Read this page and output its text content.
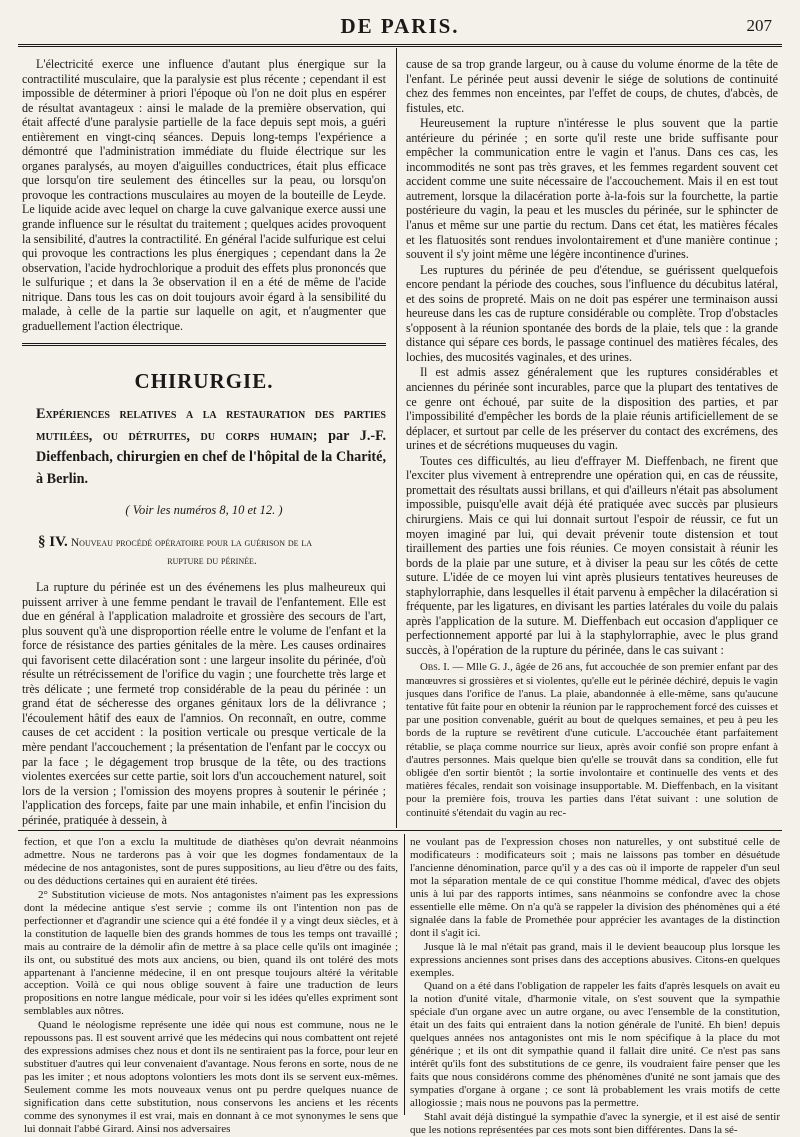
DE PARIS.	207

L'électricité exerce une influence d'autant plus énergique sur la contractilité musculaire, que la paralysie est plus récente ; cependant il est impossible de déterminer à priori l'époque où l'on ne doit plus en espérer de résultat avantageux : ainsi le malade de la première observation, qui était affecté d'une paralysie partielle de la face depuis sept mois, a guéri entièrement en vingt-cinq séances. Depuis long-temps l'expérience a démontré que l'administration immédiate du fluide électrique sur les organes paralysés, au moyen d'aiguilles conductrices, était plus efficace que lorsqu'on tire seulement des étincelles sur la peau, ou lorsqu'on provoque les contractions musculaires au moyen de la bouteille de Leyde. Le liquide acide avec lequel on charge la cuve galvanique exerce aussi une grande influence sur le résultat du traitement ; quelques acides provoquent la sensibilité, d'autres la contractilité. En général l'acide sulfurique est celui qui provoque les contractions les plus énergiques ; cependant dans la 2e observation, l'acide hydrochlorique a produit des effets plus prononcés que le sulfurique ; et dans la 3e observation il en a été de même de l'acide nitrique. Dans tous les cas on doit toujours avoir égard à la sensibilité du malade, à celle de la partie sur laquelle on agit, et n'augmenter que graduellement l'action électrique.

CHIRURGIE.
Expériences relatives a la restauration des parties mutilées, ou détruites, du corps humain; par J.-F. Dieffenbach, chirurgien en chef de l'hôpital de la Charité, à Berlin.
( Voir les numéros 8, 10 et 12. )
§ IV. Nouveau procédé opératoire pour la guérison de la
rupture du périnée.

La rupture du périnée est un des événemens les plus malheureux qui puissent arriver à une femme pendant le travail de l'enfantement. Elle est due en général à l'application maladroite et grossière des secours de l'art, plus souvent qu'à une disproportion réelle entre le volume de l'enfant et la force de résistance des parties génitales de la mère. Les causes ordinaires qui favorisent cette dilacération sont : une largeur insolite du périnée, d'où résulte un rétrécissement de l'orifice du vagin ; une fourchette très large et très délicate ; une fermeté trop considérable de la peau du périnée : un grand état de sécheresse des organes génitaux lors de la délivrance ; l'écoulement hâtif des eaux de l'amnios. On reconnaît, en outre, comme causes de cet accident : la position verticale ou presque verticale de la mère pendant l'accouchement ; la présentation de l'enfant par le coccyx ou par la face ; le dégagement trop brusque de la tête, ou des tractions violentes exercées sur cette partie, soit lors d'un accouchement naturel, soit lors de la version ; l'omission des moyens propres à soutenir le périnée ; l'application des forceps, faite par une main inhabile, et enfin l'incision du périnée, pratiquée à dessein, à

cause de sa trop grande largeur, ou à cause du volume énorme de la tête de l'enfant. Le périnée peut aussi devenir le siége de solutions de continuité chez des femmes non enceintes, par l'effet de coups, de chutes, d'abcès, de fistules, etc.

Heureusement la rupture n'intéresse le plus souvent que la partie antérieure du périnée ; en sorte qu'il reste une bride suffisante pour empêcher la communication entre le vagin et l'anus. Dans ces cas, les incommodités ne sont pas très graves, et les femmes regardent souvent cet accident comme une suite nécessaire de l'accouchement. Mais il en est tout autrement, lorsque la dilacération porte à-la-fois sur la fourchette, la partie postérieure du vagin, la peau et les muscles du périnée, sur le sphincter de l'anus et même sur une partie du rectum. Dans cet état, les matières fécales et les flatuosités sont rendues involontairement et d'une manière continue ; souvent il s'y joint même une légère incontinence d'urines.

Les ruptures du périnée de peu d'étendue, se guérissent quelquefois encore pendant la période des couches, sous l'influence du décubitus latéral, et des soins de propreté. Mais on ne doit pas espérer une terminaison aussi heureuse dans les cas de rupture considérable ou complète. Trop d'obstacles s'opposent à la réunion spontanée des bords de la plaie, tels que : la grande distance qui sépare ces bords, le passage continuel des matières fécales, des lochies, des mucosités vaginales, et des urines.

Il est admis assez généralement que les ruptures considérables et anciennes du périnée sont incurables, parce que la plupart des tentatives de ce genre ont échoué, par suite de la disposition des parties, et par l'impossibilité d'empêcher les bords de la plaie réunis artificiellement de se déplacer, et surtout par celle de les préserver du contact des excrémens, des urines et de sécrétions muqueuses du vagin.

Toutes ces difficultés, au lieu d'effrayer M. Dieffenbach, ne firent que l'exciter plus vivement à entreprendre une opération qui, en cas de réussite, promettait des résultats aussi brillans, et qui d'ailleurs n'était pas absolument impossible, puisqu'elle avait déjà été pratiquée avec succès par plusieurs chirurgiens. Mais ce qui lui donnait surtout l'espoir de réussir, ce fut un moyen imaginé par lui, qui devait prévenir toute distension et tout tiraillement des parties une fois réunies. Ce moyen consistait à réunir les bords de la plaie par une suture, et à diviser la peau sur les côtés de cette suture. L'idée de ce moyen lui vint après plusieurs tentatives heureuses de staphylorraphie, dans lesquelles il était parvenu à empêcher la dilacération si fréquente, par les ligatures, en divisant les parties latérales du voile du palais après l'application de la suture. M. Dieffenbach eut occasion d'appliquer ce perfectionnement apporté par lui à la staphylorraphie, avec le plus grand succès, à l'opération de la rupture du périnée, dans le cas suivant :

Obs. I. — Mlle G. J., âgée de 26 ans, fut accouchée de son premier enfant par des manœuvres si grossières et si violentes, qu'elle eut le périnée déchiré, depuis le vagin jusques dans l'orifice de l'anus. La plaie, abandonnée à elle-même, sans qu'aucune tentative fût faite pour en obtenir la réunion par le rapprochement forcé des cuisses et par une position convenable, guérit au bout de quelques semaines, et peu à peu les bords de la rupture se revêtirent d'une cuticule. L'accouchée étant parfaitement rétablie, se plaça comme nourrice sur lieux, après avoir confié son propre enfant à d'autres personnes. Mais quelque bien qu'elle se trouvât dans sa condition, elle fut obligée d'en sortir bientôt ; la sortie involontaire et continuelle des vents et des matières fécales, rendait son voisinage insupportable. M. Dieffenbach, en la visitant pour la première fois, trouva les parties dans l'état suivant : une solution de continuité s'étendait du vagin au rec-

fection, et que l'on a exclu la multitude de diathèses qu'on devrait néanmoins admettre. Nous ne tarderons pas à voir que les dogmes fondamentaux de la médecine de nos antagonistes, sont de pures suppositions, au lieu d'être ou des faits, ou des déductions certaines qui en auraient été tirées.

2° Substitution vicieuse de mots. Nos antagonistes n'aiment pas les expressions dont la médecine antique s'est servie ; comme ils ont l'intention non pas de perfectionner et d'agrandir une science qui a été fondée il y a vingt deux siècles, et à la constitution de laquelle bien des grands hommes de tous les temps ont travaillé ; mais au contraire de la démolir afin de mettre à sa place celle qu'ils ont imaginée ; ils ont, ou substitué des mots aux anciens, ou bien, quand ils ont toléré des mots appartenant à l'ancienne médecine, il en ont presque toujours altéré la véritable acception. Voilà ce qui nous oblige souvent à faire une traduction de leurs propositions en notre langue médicale, pour voir si les idées qu'elles expriment sont semblables aux nôtres.

Quand le néologisme représente une idée qui nous est commune, nous ne le repoussons pas. Il est souvent arrivé que les médecins qui nous combattent ont rejeté des expressions admises chez nous et dont ils ne sentiraient pas la force, pour leur en substituer d'autres qui leur convenaient d'avantage. Nous ferons en sorte, nous de ne pas les imiter ; et nous adoptons volontiers les mots dont ils se servent eux-mêmes. Seulement comme les mots nouveaux venus ont pu perdre quelques nuance de signification dans cette substitution, nous conservons les anciens et les récents comme des synonymes il est vrai, mais en donnant à ce mot synonymes le sens que lui donnait l'abbé Girard. Ainsi nos adversaires

ne voulant pas de l'expression choses non naturelles, y ont substitué celle de modificateurs : modificateurs soit ; mais ne laissons pas tomber en désuétude l'ancienne dénomination, parce qu'il y a des cas où il importe de rappeler d'un seul mot la séparation mentale de ce qui constitue l'homme médical, d'avec des objets unis à lui par des rapports intimes, sans néanmoins se confondre avec la chose essentielle elle même. On n'a qu'à se rappeler la division des phénomènes qui a été signalée dans la fable de Promethée pour apprécier les avantages de la distinction dont il s'agit ici.

Jusque là le mal n'était pas grand, mais il le devient beaucoup plus lorsque les expressions anciennes sont prises dans des acceptions abusives. Citons-en quelques exemples.

Quand on a été dans l'obligation de rappeler les faits d'après lesquels on avait eu la notion d'unité vitale, d'harmonie vitale, on s'est souvent que la sympathie spéciale d'un organe avec un autre organe, ou avec l'ensemble de la constitution, était un des faits qui entraient dans la notion générale de l'unité. Eh bien! depuis quelques années nos antagonistes ont mis le nom spécifique à la place du mot générique ; et ils ont dit sympathie quand il fallait dire unité. Ce n'est pas sans intérêt qu'ils font des substitutions de ce genre, ils voudraient faire penser que les faits que nous considérons comme des phénomènes d'unité ne sont jamais que des sympaties d'organe à organe ; ce sont là probablement les vrais motifs de cette allogiossie ; mais nous ne pouvons pas la permettre.

Stahl avait déjà distingué la sympathie d'avec la synergie, et il est aisé de sentir que les notions représentées par ces mots sont bien différentes. Dans la sé-
